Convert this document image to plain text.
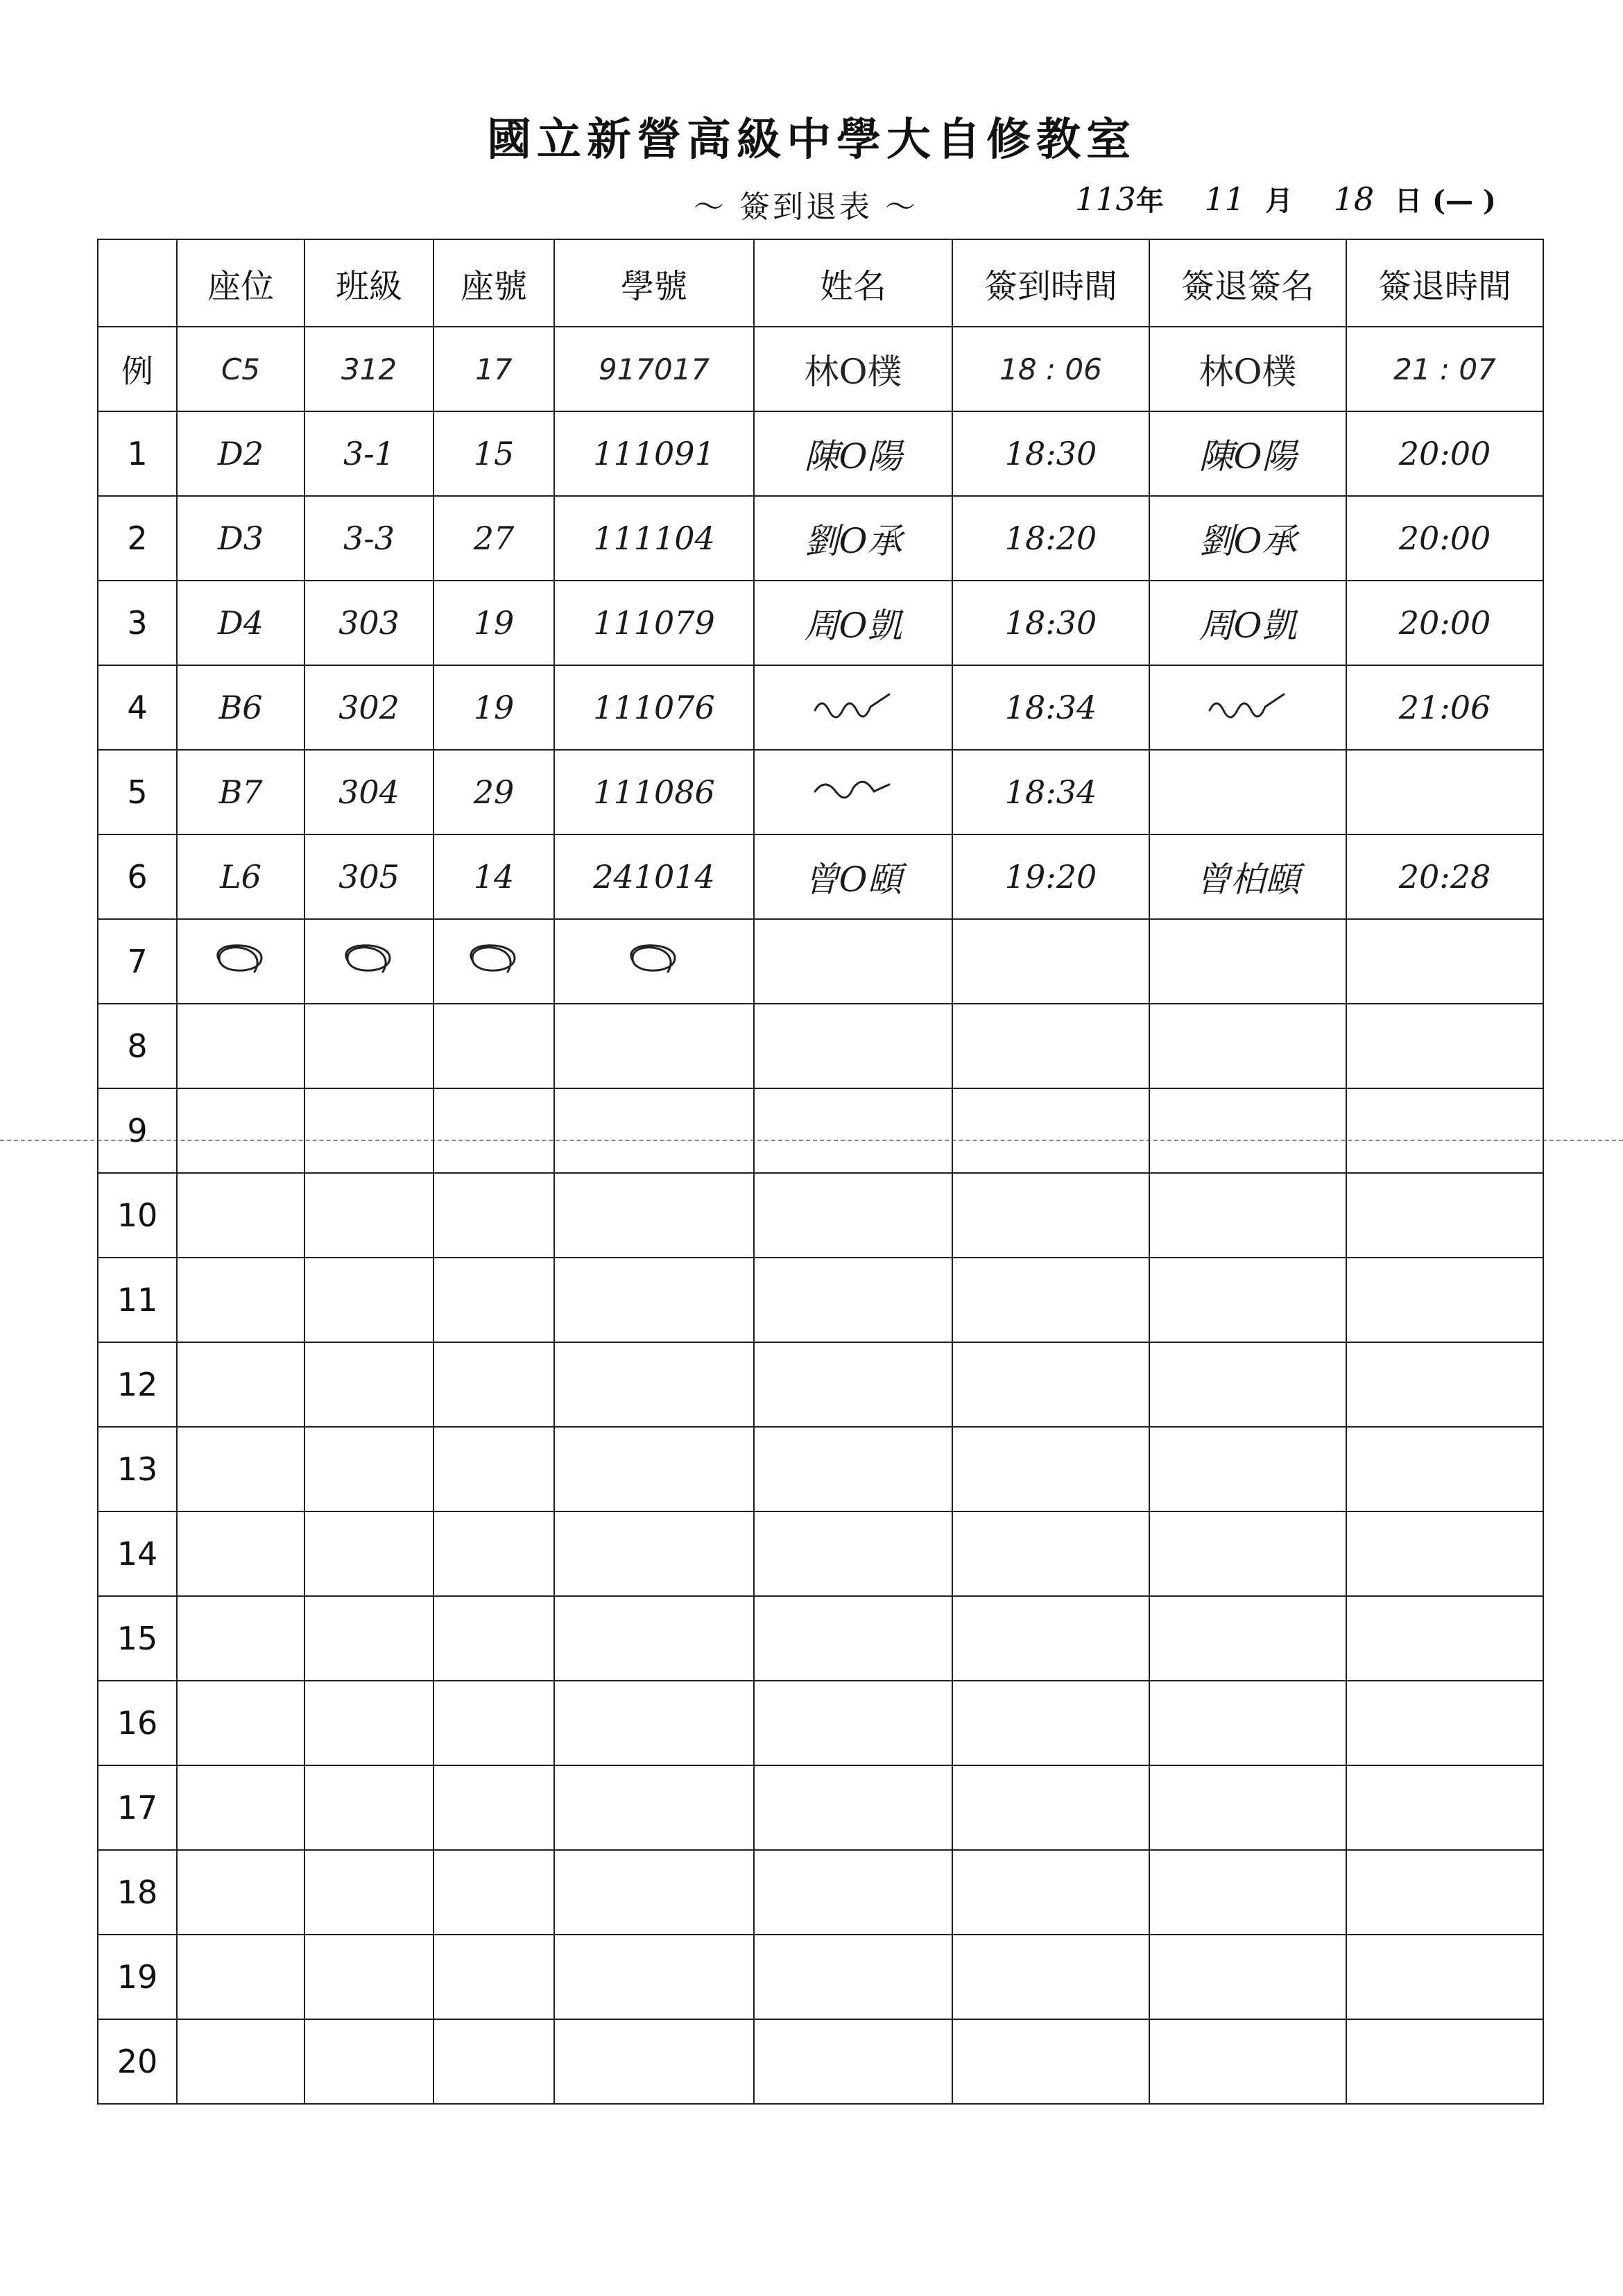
國立新營高級中學大自修教室
～ 簽到退表 ～	113年 11 月 18 日 (— )
	座位	班級	座號	學號	姓名	簽到時間	簽退簽名	簽退時間
例	C5	312	17	917017	林O樸	18 : 06	林O樸	21 : 07
1	D2	3-1	15	111091	陳O陽	18:30	陳O陽	20:00
2	D3	3-3	27	111104	劉O承	18:20	劉O承	20:00
3	D4	303	19	111079	周O凱	18:30	周O凱	20:00
4	B6	302	19	111076		18:34		21:06
5	B7	304	29	111086		18:34		
6	L6	305	14	241014	曾O頤	19:20	曾柏頤	20:28
7								
8								
9								
10								
11								
12								
13								
14								
15								
16								
17								
18								
19								
20								
